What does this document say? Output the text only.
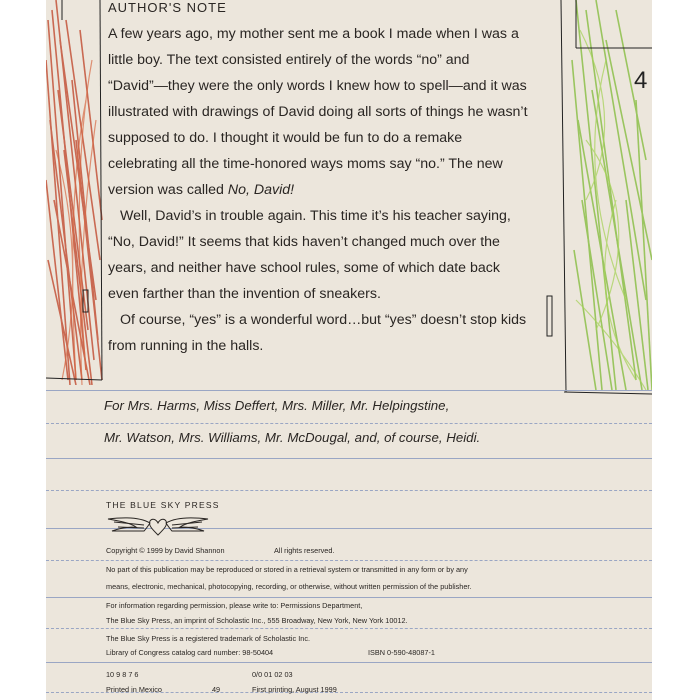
4
AUTHOR'S NOTE

A few years ago, my mother sent me a book I made when I was a little boy. The text consisted entirely of the words “no” and “David”—they were the only words I knew how to spell—and it was illustrated with drawings of David doing all sorts of things he wasn’t supposed to do. I thought it would be fun to do a remake celebrating all the time-honored ways moms say “no.” The new version was called No, David!

Well, David’s in trouble again. This time it’s his teacher saying, “No, David!” It seems that kids haven’t changed much over the years, and neither have school rules, some of which date back even farther than the invention of sneakers.

Of course, “yes” is a wonderful word…but “yes” doesn’t stop kids from running in the halls.

For Mrs. Harms, Miss Deffert, Mrs. Miller, Mr. Helpingstine,
Mr. Watson, Mrs. Williams, Mr. McDougal, and, of course, Heidi.
THE BLUE SKY PRESS
Copyright © 1999 by David Shannon	All rights reserved.
No part of this publication may be reproduced or stored in a retrieval system or transmitted in any form or by any
means, electronic, mechanical, photocopying, recording, or otherwise, without written permission of the publisher.
For information regarding permission, please write to: Permissions Department,
The Blue Sky Press, an imprint of Scholastic Inc., 555 Broadway, New York, New York 10012.
The Blue Sky Press is a registered trademark of Scholastic Inc.
Library of Congress catalog card number: 98-50404	ISBN 0-590-48087-1
10 9 8 7 6	0/0 01 02 03
Printed in Mexico	49	First printing, August 1999
